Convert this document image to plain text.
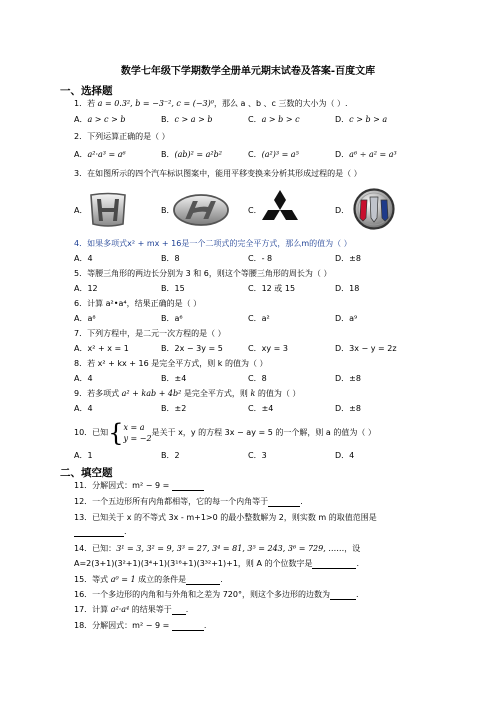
数学七年级下学期数学全册单元期末试卷及答案-百度文库
一、选择题
1．若 a = 0.3², b = −3⁻², c = (−3)⁰，那么 a 、b 、c 三数的大小为（ ）.
A．a > c > b	B．c > a > b	C．a > b > c	D．c > b > a
2．下列运算正确的是（ ）
A．a²·a³ = a⁶	B．(ab)² = a²b²	C．(a²)³ = a⁵	D．a⁶ ÷ a² = a³
3．在如图所示的四个汽车标识图案中，能用平移变换来分析其形成过程的是（ ）
A．	B．	C．	D．
4．如果多项式x² + mx + 16是一个二项式的完全平方式，那么m的值为（ ）
A．4	B．8	C．- 8	D．±8
5．等腰三角形的两边长分别为 3 和 6，则这个等腰三角形的周长为（ ）
A．12	B．15	C．12 或 15	D．18
6．计算 a²•a⁴，结果正确的是（ ）
A．a⁸	B．a⁶	C．a²	D．a⁹
7．下列方程中，是二元一次方程的是（ ）
A．x² + x = 1	B．2x − 3y = 5	C．xy = 3	D．3x − y = 2z
8．若 x² + kx + 16 是完全平方式，则 k 的值为（ ）
A．4	B．±4	C．8	D．±8
9．若多项式 a² + kab + 4b² 是完全平方式，则 k 的值为（ ）
A．4	B．±2	C．±4	D．±8
10．已知{ x = a
y = −2
是关于 x，y 的方程 3x − ay = 5 的一个解，则 a 的值为（ ）
A．1	B．2	C．3	D．4
二、填空题
11．分解因式：m² − 9 =
12．一个五边形所有内角都相等，它的每一个内角等于	.
13．已知关于 x 的不等式 3x - m+1>0 的最小整数解为 2，则实数 m 的取值范围是
.
14．已知：3¹ = 3, 3² = 9, 3³ = 27, 3⁴ = 81, 3⁵ = 243, 3⁶ = 729, ……，设
A=2(3+1)(3²+1)(3⁴+1)(3¹⁶+1)(3³²+1)+1，则 A 的个位数字是	.
15．等式 a⁰ = 1 成立的条件是	.
16．一个多边形的内角和与外角和之差为 720°，则这个多边形的边数为	.
17．计算 a²·a⁴ 的结果等于 .
18．分解因式：m² − 9 =	.
